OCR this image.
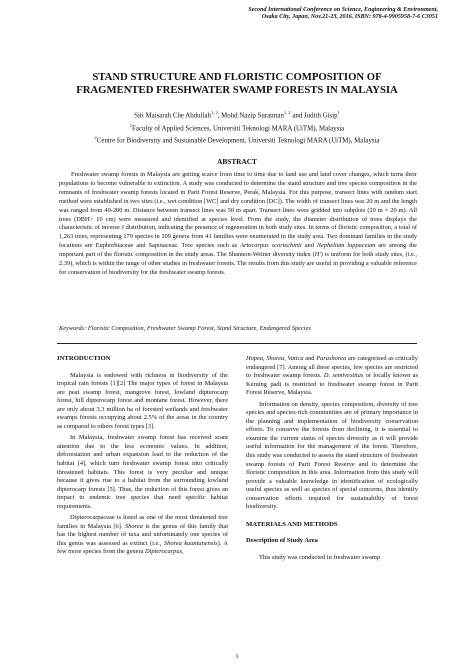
Second International Conference on Science, Engineering & Environment,
Osaka City, Japan, Nov.21-23, 2016, ISBN: 978-4-9905958-7-6 C3051
STAND STRUCTURE AND FLORISTIC COMPOSITION OF
FRAGMENTED FRESHWATER SWAMP FORESTS IN MALAYSIA
Siti Maisarah Che Abdullah$^{1, 2}$, Mohd Nazip Suratman$^{1, 2}$ and Judith Gisip$^1$
$^1$Faculty of Applied Sciences, Universiti Teknologi MARA (UiTM), Malaysia
$^2$Centre for Biodiversity and Sustainable Development, Universiti Teknologi MARA (UiTM), Malaysia
ABSTRACT

Freshwater swamp forests in Malaysia are getting scarce from time to time due to land use and land cover changes, which turns their populations to become vulnerable to extinction. A study was conducted to determine the stand structure and tree species composition in the remnants of freshwater swamp forests located in Parit Forest Reserve, Perak, Malaysia. For this purpose, transect lines with random start method were established in two sites (i.e., wet condition [WC] and dry condition [DC]). The width of transect lines was 20 m and the length was ranged from 40-200 m. Distance between transect lines was 50 m apart. Transect lines were gridded into subplots (20 m × 20 m). All trees (DBH> 10 cm) were measured and identified at species level. From the study, the diameter distribution of trees displays the characteristic of inverse J distribution, indicating the presence of regeneration in both study sites. In terms of floristic composition, a total of 1,263 trees, representing 179 species in 109 genera from 41 families were enumerated in the study area. Two dominant families in the study locations are Euphorbiaceae and Sapotaceae. Tree species such as Artocarpus scortechinii and Nephelium lappaceum are among the important part of the floristic composition in the study areas. The Shannon-Weiner diversity index (H') is uniform for both study sites, (i.e., 2.39), which is within the range of other studies in freshwater forests. The results from this study are useful in providing a valuable reference for conservation of biodiversity for the freshwater swamp forests.

Keywords: Floristic Composition, Freshwater Swamp Forest, Stand Structure, Endangered Species

INTRODUCTION

Malaysia is endowed with richness in biodiversity of the tropical rain forests [1][2] The major types of forest in Malaysia are peat swamp forest, mangrove forest, lowland dipterocarp forest, hill dipterocarp forest and montane forest. However, there are only about 3.3 million ha of forested wetlands and freshwater swamps forests occupying about 2.5% of the areas in the country as compared to others forest types [3].

In Malaysia, freshwater swamp forest has received scant attention due to the less economic values. In addition, deforestation and urban expansion lead to the reduction of the habitat [4], which turn freshwater swamp forest into critically threatened habitats. This forest is very peculiar and unique because it gives rise to a habitat from the surrounding lowland dipterocarp forests [5]. Thus, the reduction of this forest gives an impact to endemic tree species that need specific habitat requirements.

Dipterocarpaceae is listed as one of the most threatened tree families in Malaysia [6]. Shorea is the genus of this family that has the highest number of taxa and unfortunately one species of this genus was assessed as extinct (i.e., Shorea kuantanensis). A few more species from the genera Dipterocarpus,

Hopea, Shorea, Vatica and Parashorea are categorised as critically endangered [7]. Among all these species, few species are restricted to freshwater swamp forests. D. semivestitus or locally known as Keruing padi is restricted to freshwater swamp forest in Parit Forest Reserve, Malaysia.

Information on density, species composition, diversity of tree species and species-rich communities are of primary importance in the planning and implementation of biodiversity conservation efforts. To conserve the forests from declining, it is essential to examine the current status of species diversity as it will provide useful information for the management of the forest. Therefore, this study was conducted to assess the stand structure of freshwater swamp forests of Parit Forest Reserve and to determine the floristic composition in this area. Information from this study will provide a valuable knowledge in identification of ecologically useful species as well as species of special concerns, thus identify conservation efforts required for sustainability of forest biodiversity.

MATERIALS AND METHODS

Description of Study Area

This study was conducted in freshwater swamp

1
